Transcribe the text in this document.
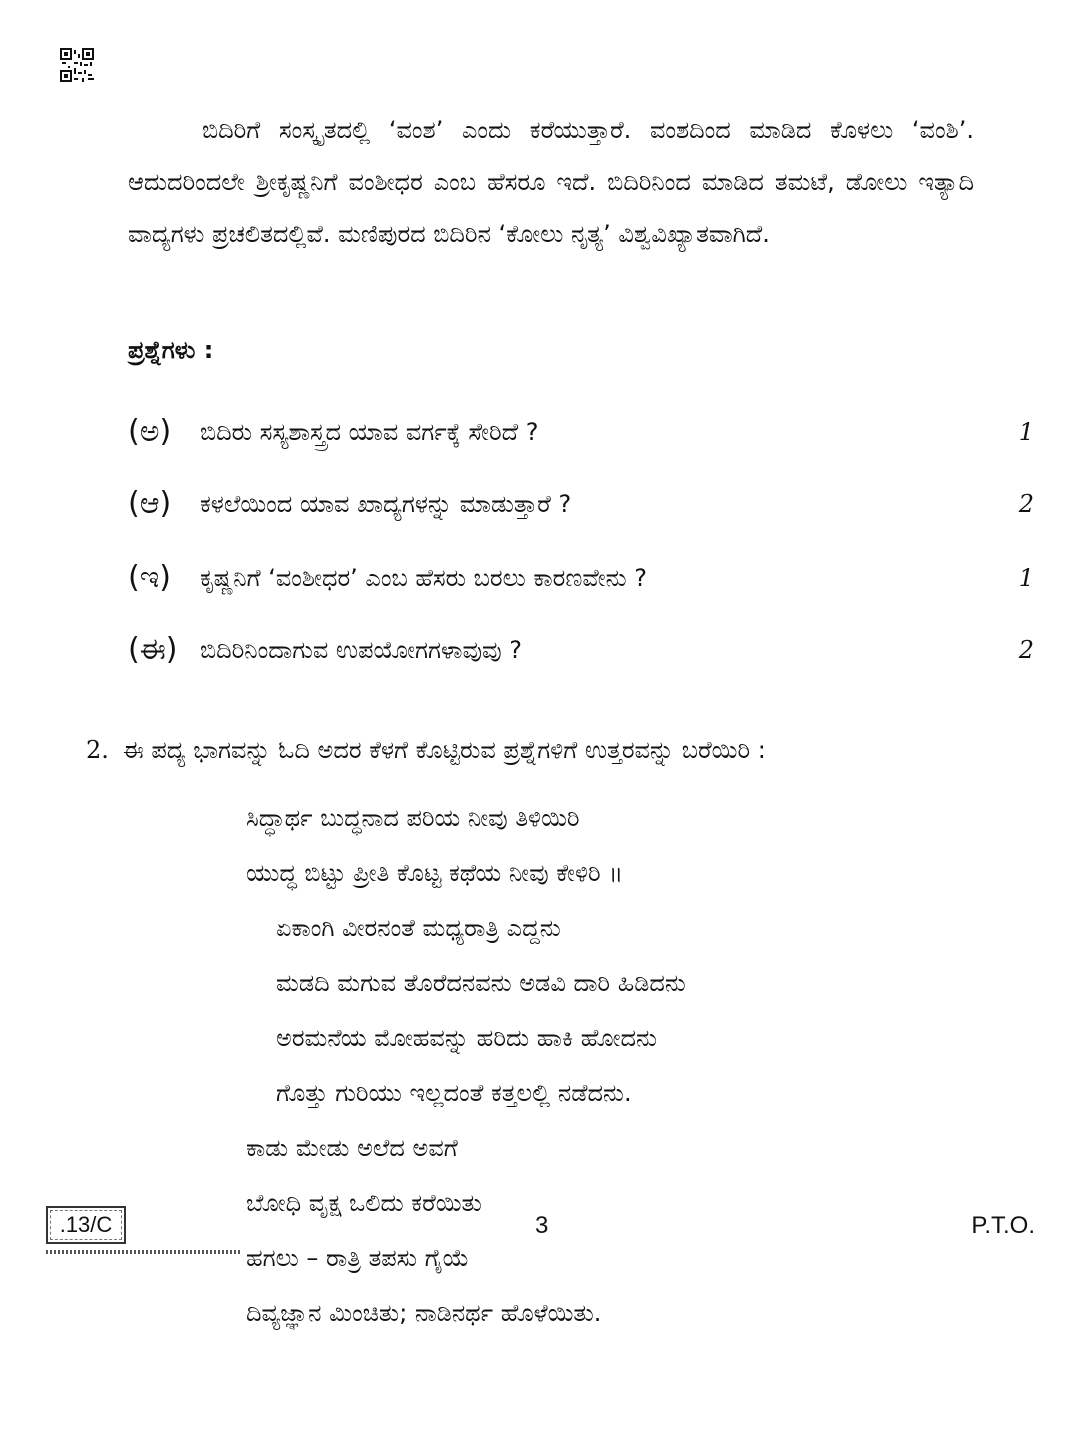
ಬಿದಿರಿಗೆ ಸಂಸ್ಕೃತದಲ್ಲಿ ‘ವಂಶ’ ಎಂದು ಕರೆಯುತ್ತಾರೆ. ವಂಶದಿಂದ ಮಾಡಿದ ಕೊಳಲು ‘ವಂಶಿ’. ಆದುದರಿಂದಲೇ ಶ್ರೀಕೃಷ್ಣನಿಗೆ ವಂಶೀಧರ ಎಂಬ ಹೆಸರೂ ಇದೆ. ಬಿದಿರಿನಿಂದ ಮಾಡಿದ ತಮಟೆ, ಡೋಲು ಇತ್ಯಾದಿ ವಾದ್ಯಗಳು ಪ್ರಚಲಿತದಲ್ಲಿವೆ. ಮಣಿಪುರದ ಬಿದಿರಿನ ‘ಕೋಲು ನೃತ್ಯ’ ವಿಶ್ವವಿಖ್ಯಾತವಾಗಿದೆ.

ಪ್ರಶ್ನೆಗಳು :

(ಅ) ಬಿದಿರು ಸಸ್ಯಶಾಸ್ತ್ರದ ಯಾವ ವರ್ಗಕ್ಕೆ ಸೇರಿದೆ ?	1
(ಆ) ಕಳಲೆಯಿಂದ ಯಾವ ಖಾದ್ಯಗಳನ್ನು ಮಾಡುತ್ತಾರೆ ?	2
(ಇ) ಕೃಷ್ಣನಿಗೆ ‘ವಂಶೀಧರ’ ಎಂಬ ಹೆಸರು ಬರಲು ಕಾರಣವೇನು ?	1
(ಈ) ಬಿದಿರಿನಿಂದಾಗುವ ಉಪಯೋಗಗಳಾವುವು ?	2
2. ಈ ಪದ್ಯ ಭಾಗವನ್ನು ಓದಿ ಅದರ ಕೆಳಗೆ ಕೊಟ್ಟಿರುವ ಪ್ರಶ್ನೆಗಳಿಗೆ ಉತ್ತರವನ್ನು ಬರೆಯಿರಿ :
ಸಿದ್ಧಾರ್ಥ ಬುದ್ಧನಾದ ಪರಿಯ ನೀವು ತಿಳಿಯಿರಿ
ಯುದ್ಧ ಬಿಟ್ಟು ಪ್ರೀತಿ ಕೊಟ್ಟ ಕಥೆಯ ನೀವು ಕೇಳಿರಿ ॥
ಏಕಾಂಗಿ ವೀರನಂತೆ ಮಧ್ಯರಾತ್ರಿ ಎದ್ದನು
ಮಡದಿ ಮಗುವ ತೊರೆದನವನು ಅಡವಿ ದಾರಿ ಹಿಡಿದನು
ಅರಮನೆಯ ಮೋಹವನ್ನು ಹರಿದು ಹಾಕಿ ಹೋದನು
ಗೊತ್ತು ಗುರಿಯು ಇಲ್ಲದಂತೆ ಕತ್ತಲಲ್ಲಿ ನಡೆದನು.
ಕಾಡು ಮೇಡು ಅಲೆದ ಅವಗೆ
ಬೋಧಿ ವೃಕ್ಷ ಒಲಿದು ಕರೆಯಿತು
ಹಗಲು – ರಾತ್ರಿ ತಪಸು ಗೈಯೆ
ದಿವ್ಯಜ್ಞಾನ ಮಿಂಚಿತು; ನಾಡಿನರ್ಥ ಹೊಳೆಯಿತು.
.13/C	3	P.T.O.
